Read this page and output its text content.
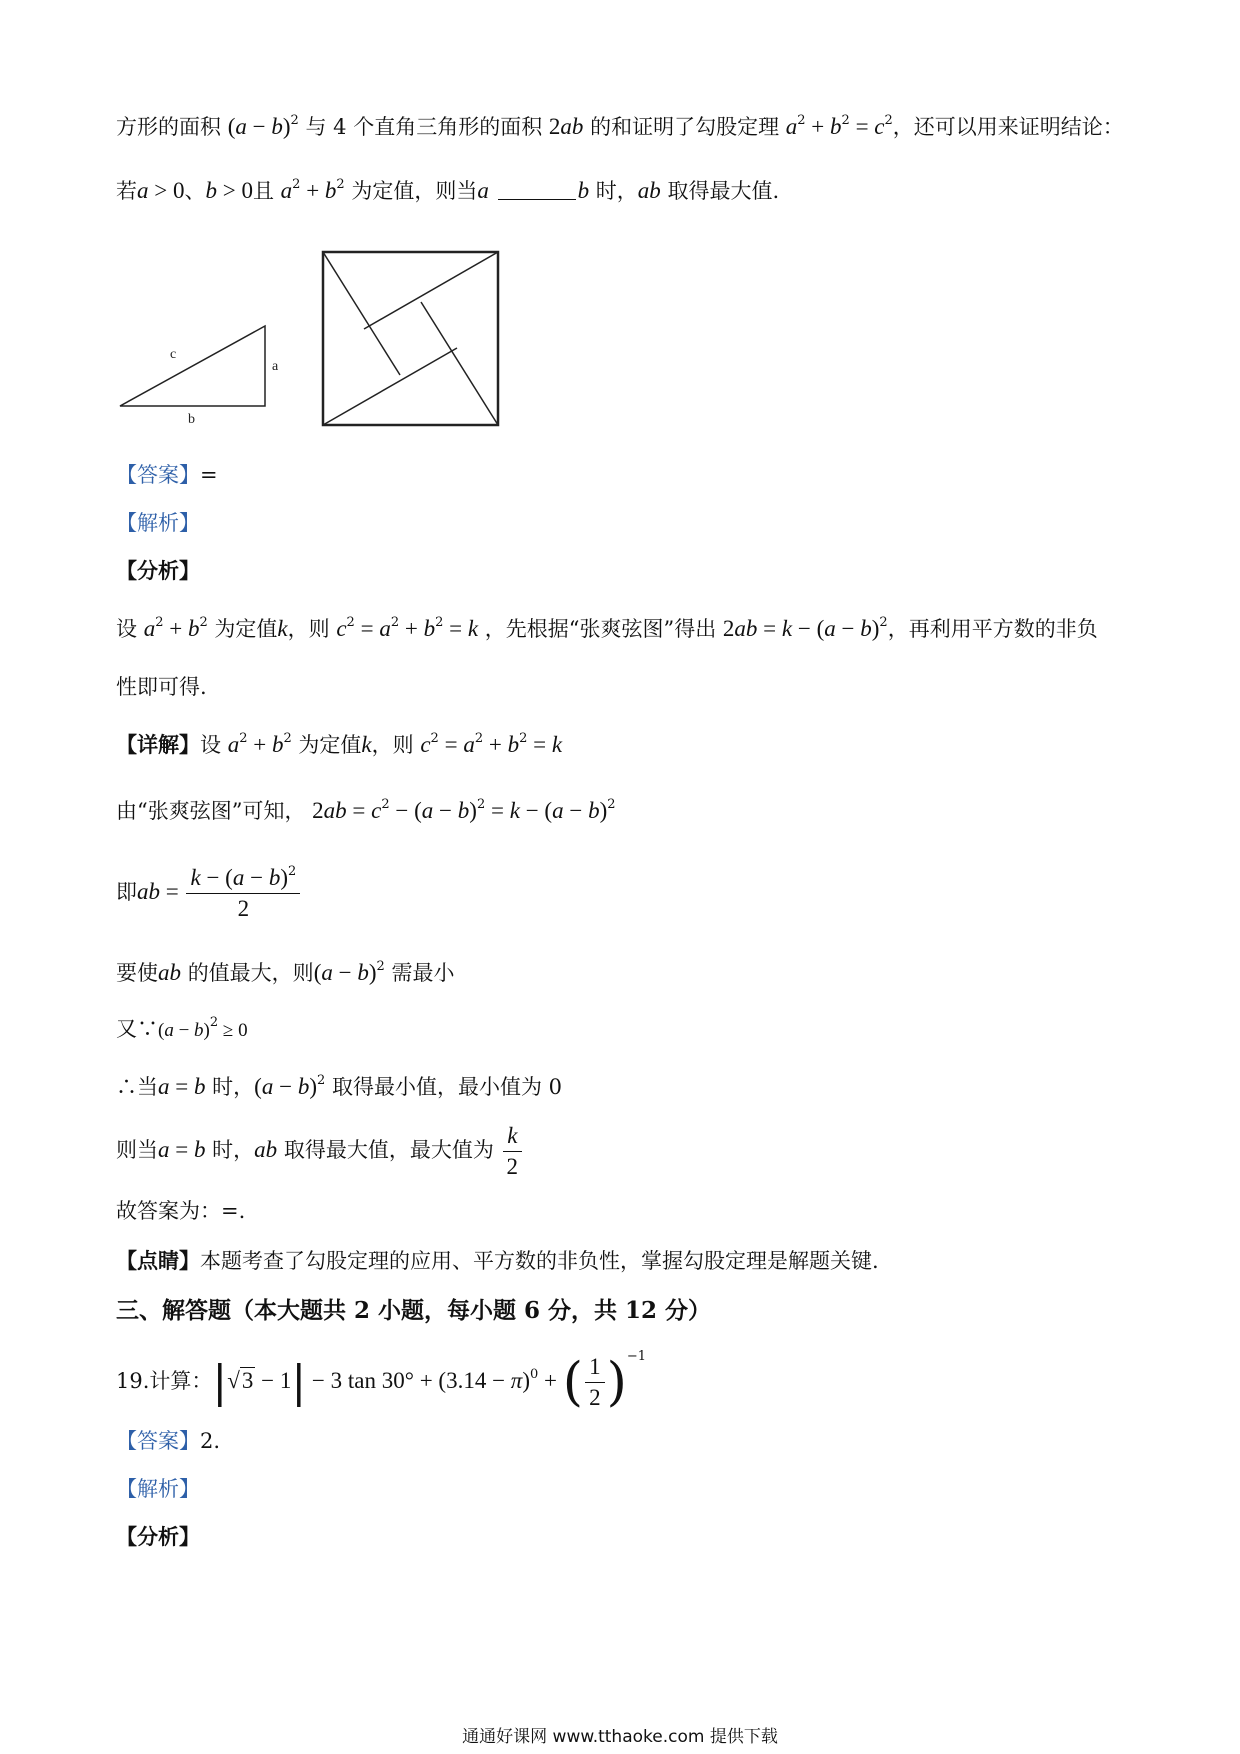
方形的面积 $(a - b)^2$ 与 4 个直角三角形的面积 2ab 的和证明了勾股定理 $a^2 + b^2 = c^2$，还可以用来证明结论：
若a > 0、b > 0且 $a^2 + b^2$ 为定值，则当a	b 时，ab 取得最大值.
c
a
b
【答案】=
【解析】
【分析】
设 $a^2 + b^2$ 为定值k，则 $c^2 = a^2 + b^2 = k$ ，先根据“张爽弦图”得出 $2ab = k - (a - b)^2$，再利用平方数的非负
性即可得.
【详解】设 $a^2 + b^2$ 为定值k，则 $c^2 = a^2 + b^2 = k$
由“张爽弦图”可知， $2ab = c^2 - (a - b)^2 = k - (a - b)^2$
即ab = $\frac{k - (a - b)^2}{2}$
要使ab 的值最大，则$(a - b)^2$ 需最小
又∵(a − b)$^2$ ≥ 0
∴当a = b 时，$(a - b)^2$ 取得最小值，最小值为 0
则当a = b 时，ab 取得最大值，最大值为 $\frac{k}{2}$
故答案为：=.
【点睛】本题考查了勾股定理的应用、平方数的非负性，掌握勾股定理是解题关键.
三、解答题（本大题共 2 小题，每小题 6 分，共 12 分）
19.计算：|√3 − 1| − 3 $\tan 30^\circ + (3.14 - \pi)^0$ + ( $\frac{1}{2} )^{-1}$
【答案】2.
【解析】
【分析】
通通好课网 www.tthaoke.com 提供下载
